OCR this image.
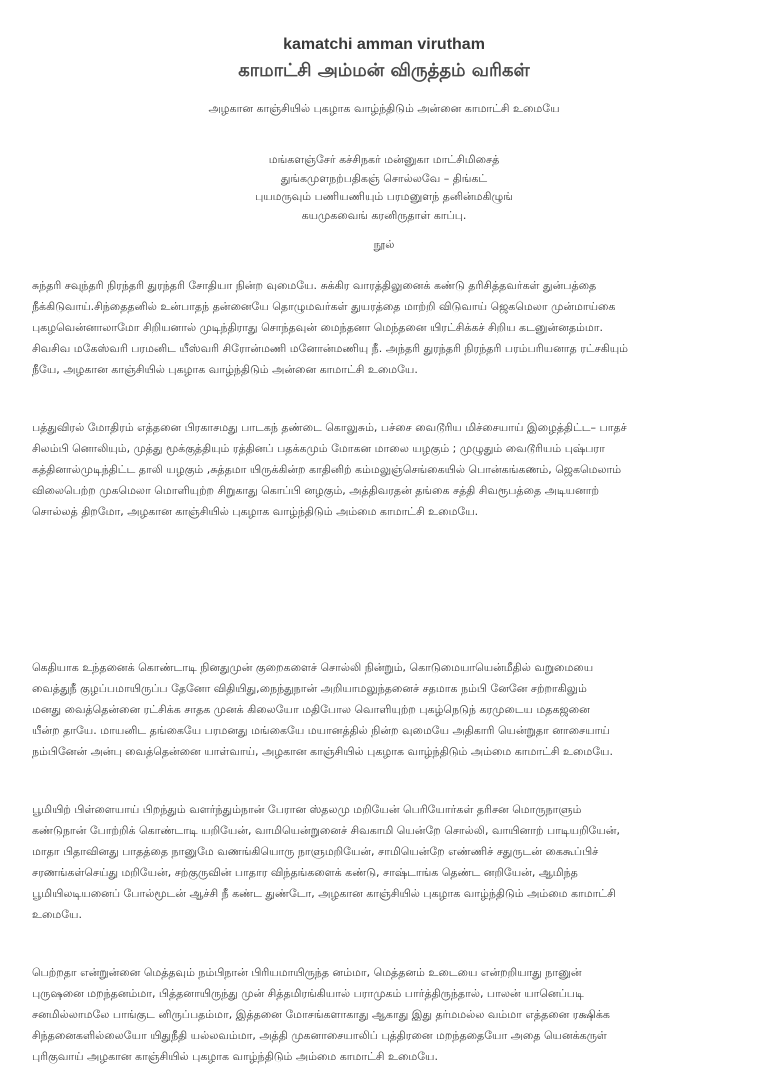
kamatchi amman virutham
காமாட்சி அம்மன் விருத்தம் வரிகள்

அழகான காஞ்சியில் புகழாக வாழ்ந்திடும் அன்னை காமாட்சி உமையே

மங்களஞ்சேர் கச்சிநகர் மன்னுகா மாட்சிமிசைத்
துங்கமுளநற்பதிகஞ் சொல்லவே – திங்கட்
புயமருவும் பணியணியும் பரமனுளந் தனின்மகிழுங்
கயமுகவைங் கரனிருதாள் காப்பு.

நூல்

சுந்தரி சவுந்தரி நிரந்தரி துரந்தரி சோதியா நின்ற வுமையே. சுக்கிர வாரத்திலுனைக் கண்டு தரிசித்தவர்கள் துன்பத்தை
நீக்கிடுவாய்.சிந்தைதனில் உன்பாதந் தன்னையே தொழுமவர்கள் துயரத்தை மாற்றி விடுவாய் ஜெகமெலா முன்மாய்கை
புகழவென்னாலாமோ சிறியனால் முடிந்திராது சொந்தவுன் மைந்தனா மெந்தனை யிரட்சிக்கச் சிறிய கடனுன்னதம்மா.
சிவசிவ மகேஸ்வரி பரமனிட யீஸ்வரி சிரோன்மணி மனோன்மணியு நீ. அந்தரி துரந்தரி நிரந்தரி பரம்பரியனாத ரட்சகியும்
நீயே, அழகான காஞ்சியில் புகழாக வாழ்ந்திடும் அன்னை காமாட்சி உமையே.
பத்துவிரல் மோதிரம் எத்தனை பிரகாசமது பாடகந் தண்டை கொலுசும், பச்சை வைடூரிய மிச்சையாய் இழைத்திட்ட– பாதச்
சிலம்பி னொலியும், முத்து மூக்குத்தியும் ரத்தினப் பதக்கமும் மோகன மாலை யழகும் ; முழுதும் வைடூரியம் புஷ்பரா
கத்தினால்முடிந்திட்ட தாலி யழகும் ,சுத்தமா யிருக்கின்ற காதினிற் கம்மலுஞ்செங்கையில் பொன்கங்கணம், ஜெகமெலாம்
விலைபெற்ற முகமெலா மொளியுற்ற சிறுகாது கொப்பி னழகும், அத்திவரதன் தங்கை சத்தி சிவரூபத்தை அடியனாற்
சொல்லத் திறமோ, அழகான காஞ்சியில் புகழாக வாழ்ந்திடும் அம்மை காமாட்சி உமையே.
கெதியாக உந்தனைக் கொண்டாடி நினதுமுன் குறைகளைச் சொல்லி நின்றும், கொடுமையாயென்மீதில் வறுமையை
வைத்துநீ குழப்பமாயிருப்ப தேனோ விதியிது,நைந்துநான் அறியாமலுந்தனைச் சதமாக நம்பி னேனே சற்றாகிலும்
மனது வைத்தென்னை ரட்சிக்க சாதக முனக் கிலையோ மதிபோல வொளியுற்ற புகழ்நெடுந் கரமுடைய மதகஜனை
யீன்ற தாயே. மாயனிட தங்கையே பரமனது மங்கையே மயானத்தில் நின்ற வுமையே அதிகாரி யென்றுதா னாசையாய்
நம்பினேன் அன்பு வைத்தென்னை யாள்வாய், அழகான காஞ்சியில் புகழாக வாழ்ந்திடும் அம்மை காமாட்சி உமையே.
பூமியிற் பிள்ளையாய் பிறந்தும் வளர்ந்தும்நான் பேரான ஸ்தலமு மறியேன் பெரியோர்கள் தரிசன மொருநாளும்
கண்டுநான் போற்றிக் கொண்டாடி யறியேன், வாமியென்றுனைச் சிவகாமி யென்றே சொல்லி, வாயினாற் பாடியறியேன்,
மாதா பிதாவினது பாதத்தை நானுமே வணங்கியொரு நாளுமறியேன், சாமியென்றே எண்ணிச் சதுருடன் கைகூப்பிச்
சரணங்கள்செய்து மறியேன், சற்குருவின் பாதார விந்தங்களைக் கண்டு, சாஷ்டாங்க தெண்ட னறியேன், ஆமிந்த
பூமியிலடியனைப் போல்மூடன் ஆச்சி நீ கண்ட துண்டோ, அழகான காஞ்சியில் புகழாக வாழ்ந்திடும் அம்மை காமாட்சி
உமையே.
பெற்றதா என்றுன்னை மெத்தவும் நம்பிநான் பிரியமாயிருந்த னம்மா, மெத்தனம் உடையை என்றறியாது நானுன்
புருஷனை மறந்தனம்மா, பித்தனாயிருந்து முன் சித்தமிரங்கியால் பராமுகம் பார்த்திருந்தால், பாலன் யானெப்படி
சனமில்லாமலே பாங்குட னிருப்பதம்மா, இத்தனை மோசங்களாகாது ஆகாது இது தர்மமல்ல வம்மா எத்தனை ரக்ஷிக்க
சிந்தனைகளில்லையோ யிதுநீதி யல்லவம்மா, அத்தி முகனாசையாலிப் புத்திரனை மறந்ததையோ அதை யெனக்கருள்
புரிகுவாய் அழகான காஞ்சியில் புகழாக வாழ்ந்திடும் அம்மை காமாட்சி உமையே.
